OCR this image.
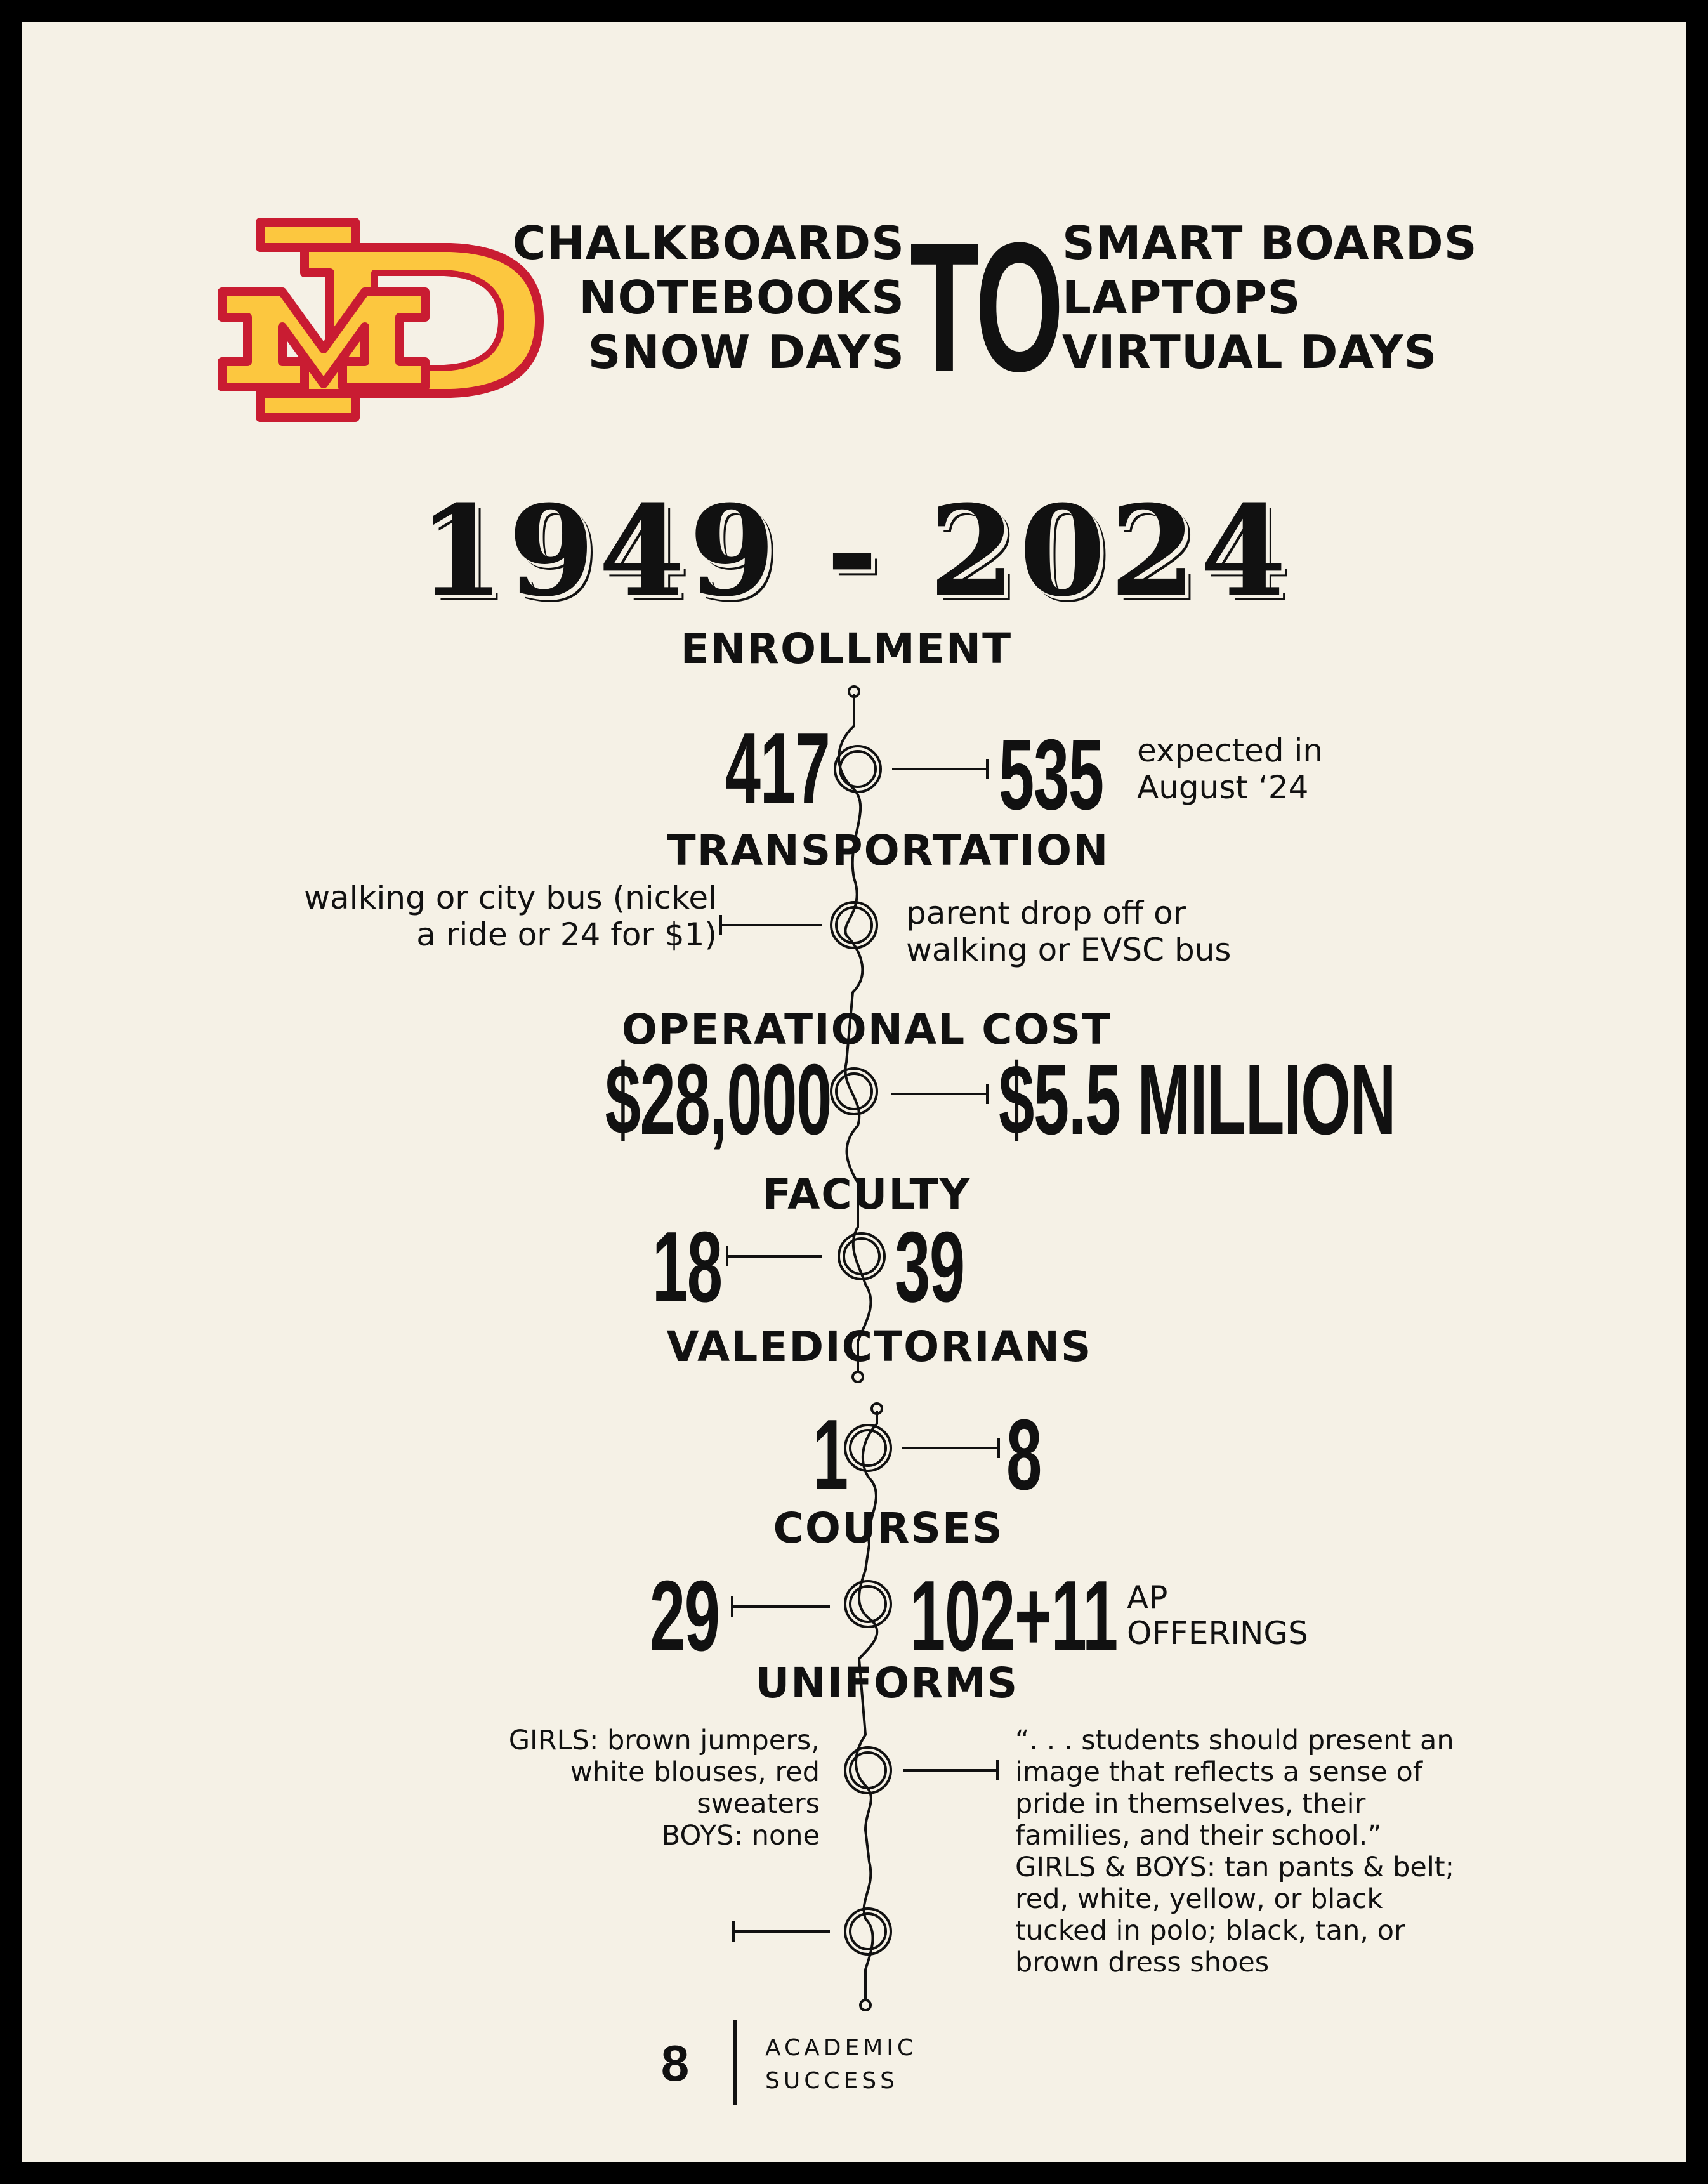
CHALKBOARDS
NOTEBOOKS
SNOW DAYS TO SMART BOARDS
LAPTOPS
VIRTUAL DAYS
1949 - 2024
ENROLLMENT
417 535 expected in
August ‘24
TRANSPORTATION
walking or city bus (nickel
a ride or 24 for $1)
parent drop off or
walking or EVSC bus
OPERATIONAL COST
$28,000 $5.5 MILLION
FACULTY
18 39
VALEDICTORIANS
1 8
COURSES
29 102+11 AP
OFFERINGS
UNIFORMS
GIRLS: brown jumpers,
white blouses, red
sweaters
BOYS: none
“. . . students should present an
image that reflects a sense of
pride in themselves, their
families, and their school.”
GIRLS & BOYS: tan pants & belt;
red, white, yellow, or black
tucked in polo; black, tan, or
brown dress shoes
8	ACADEMIC
SUCCESS
